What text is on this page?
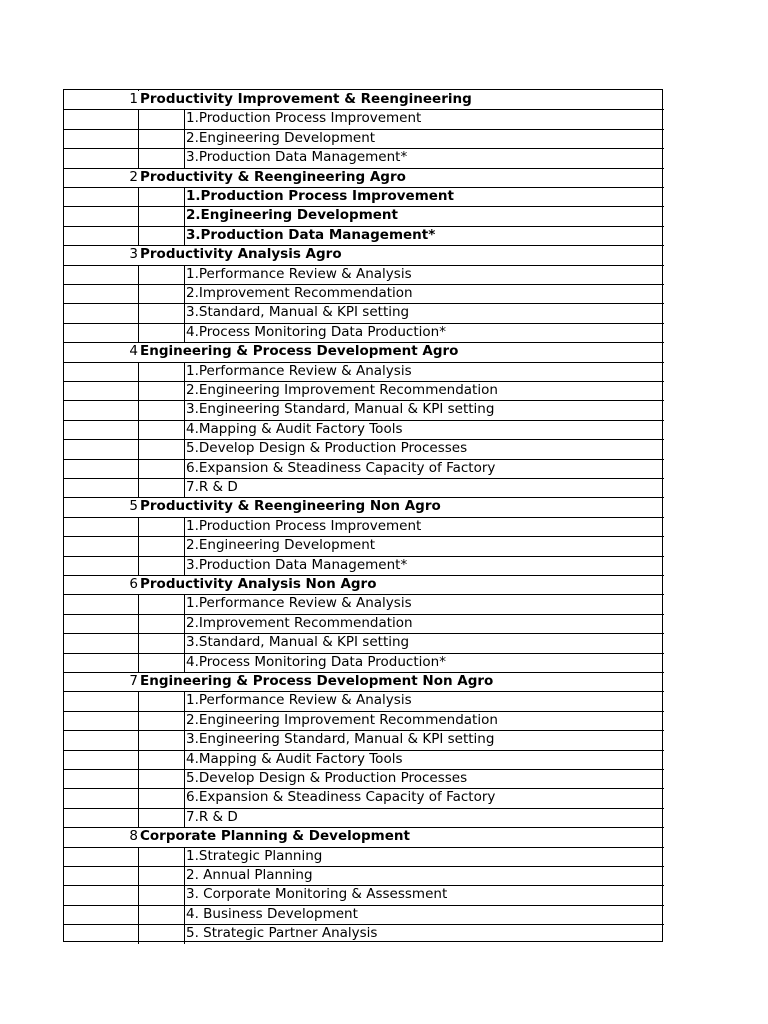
1 Productivity Improvement & Reengineering
1.Production Process Improvement
2.Engineering Development
3.Production Data Management*
2 Productivity & Reengineering Agro
1.Production Process Improvement
2.Engineering Development
3.Production Data Management*
3 Productivity Analysis Agro
1.Performance Review & Analysis
2.Improvement Recommendation
3.Standard, Manual & KPI setting
4.Process Monitoring Data Production*
4 Engineering & Process Development Agro
1.Performance Review & Analysis
2.Engineering Improvement Recommendation
3.Engineering Standard, Manual & KPI setting
4.Mapping & Audit Factory Tools
5.Develop Design & Production Processes
6.Expansion & Steadiness Capacity of Factory
7.R & D
5 Productivity & Reengineering Non Agro
1.Production Process Improvement
2.Engineering Development
3.Production Data Management*
6 Productivity Analysis Non Agro
1.Performance Review & Analysis
2.Improvement Recommendation
3.Standard, Manual & KPI setting
4.Process Monitoring Data Production*
7 Engineering & Process Development Non Agro
1.Performance Review & Analysis
2.Engineering Improvement Recommendation
3.Engineering Standard, Manual & KPI setting
4.Mapping & Audit Factory Tools
5.Develop Design & Production Processes
6.Expansion & Steadiness Capacity of Factory
7.R & D
8 Corporate Planning & Development
1.Strategic Planning
2. Annual Planning
3. Corporate Monitoring & Assessment
4. Business Development
5. Strategic Partner Analysis
